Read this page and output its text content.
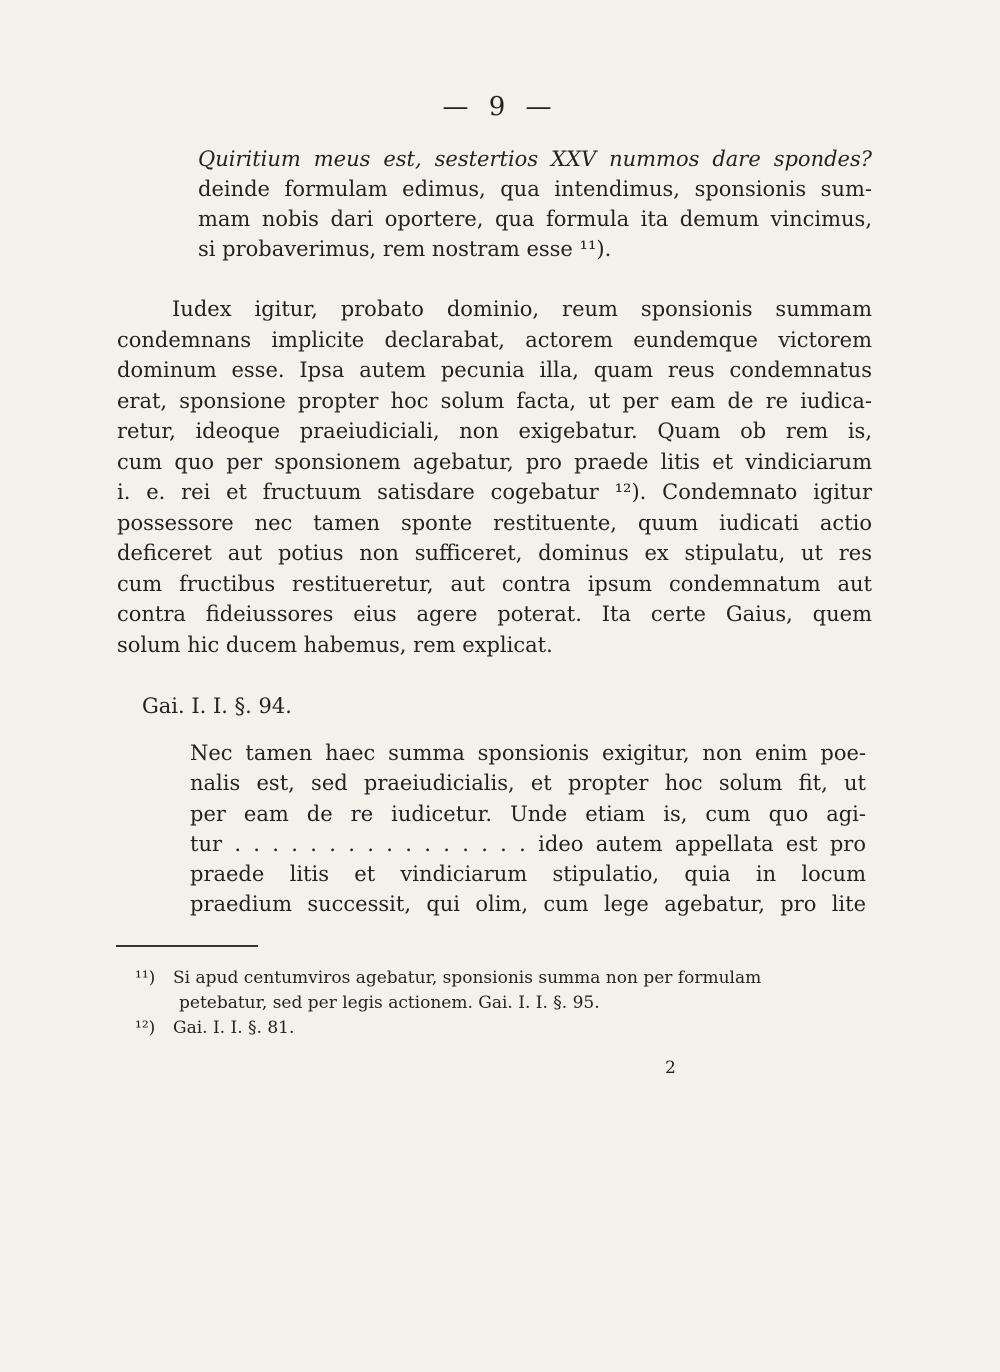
— 9 —
Quiritium meus est, sestertios XXV nummos dare spondes?
deinde formulam edimus, qua intendimus, sponsionis sum-
mam nobis dari oportere, qua formula ita demum vincimus,
si probaverimus, rem nostram esse ¹¹).
Iudex igitur, probato dominio, reum sponsionis summam
condemnans implicite declarabat, actorem eundemque victorem
dominum esse. Ipsa autem pecunia illa, quam reus condemnatus
erat, sponsione propter hoc solum facta, ut per eam de re iudica-
retur, ideoque praeiudiciali, non exigebatur. Quam ob rem is,
cum quo per sponsionem agebatur, pro praede litis et vindiciarum
i. e. rei et fructuum satisdare cogebatur ¹²). Condemnato igitur
possessore nec tamen sponte restituente, quum iudicati actio
deficeret aut potius non sufficeret, dominus ex stipulatu, ut res
cum fructibus restitueretur, aut contra ipsum condemnatum aut
contra fideiussores eius agere poterat. Ita certe Gaius, quem
solum hic ducem habemus, rem explicat.
Gai. I. I. §. 94.
Nec tamen haec summa sponsionis exigitur, non enim poe-
nalis est, sed praeiudicialis, et propter hoc solum fit, ut
per eam de re iudicetur. Unde etiam is, cum quo agi-
tur . . . . . . . . . . . . . . . . ideo autem appellata est pro
praede litis et vindiciarum stipulatio, quia in locum
praedium successit, qui olim, cum lege agebatur, pro lite
¹¹) Si apud centumviros agebatur, sponsionis summa non per formulam
petebatur, sed per legis actionem. Gai. I. I. §. 95.
¹²) Gai. I. I. §. 81.
2
